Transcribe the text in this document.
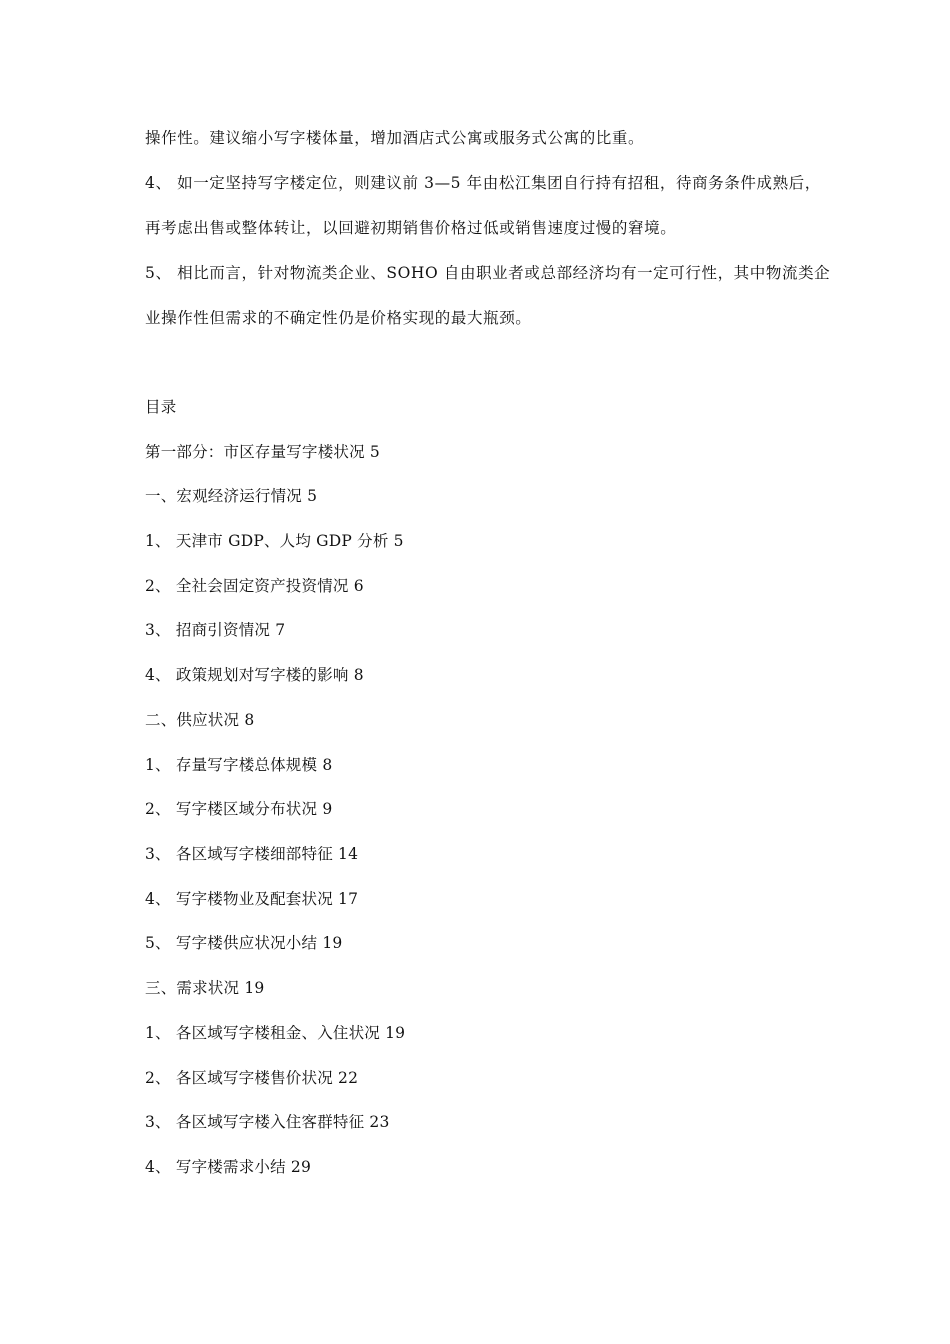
操作性。建议缩小写字楼体量，增加酒店式公寓或服务式公寓的比重。
4、 如一定坚持写字楼定位，则建议前 3—5 年由松江集团自行持有招租，待商务条件成熟后，
再考虑出售或整体转让，以回避初期销售价格过低或销售速度过慢的窘境。
5、 相比而言，针对物流类企业、SOHO 自由职业者或总部经济均有一定可行性，其中物流类企
业操作性但需求的不确定性仍是价格实现的最大瓶颈。
目录
第一部分：市区存量写字楼状况 5
一、宏观经济运行情况 5
1、 天津市 GDP、人均 GDP 分析 5
2、 全社会固定资产投资情况 6
3、 招商引资情况 7
4、 政策规划对写字楼的影响 8
二、供应状况 8
1、 存量写字楼总体规模 8
2、 写字楼区域分布状况 9
3、 各区域写字楼细部特征 14
4、 写字楼物业及配套状况 17
5、 写字楼供应状况小结 19
三、需求状况 19
1、 各区域写字楼租金、入住状况 19
2、 各区域写字楼售价状况 22
3、 各区域写字楼入住客群特征 23
4、 写字楼需求小结 29
